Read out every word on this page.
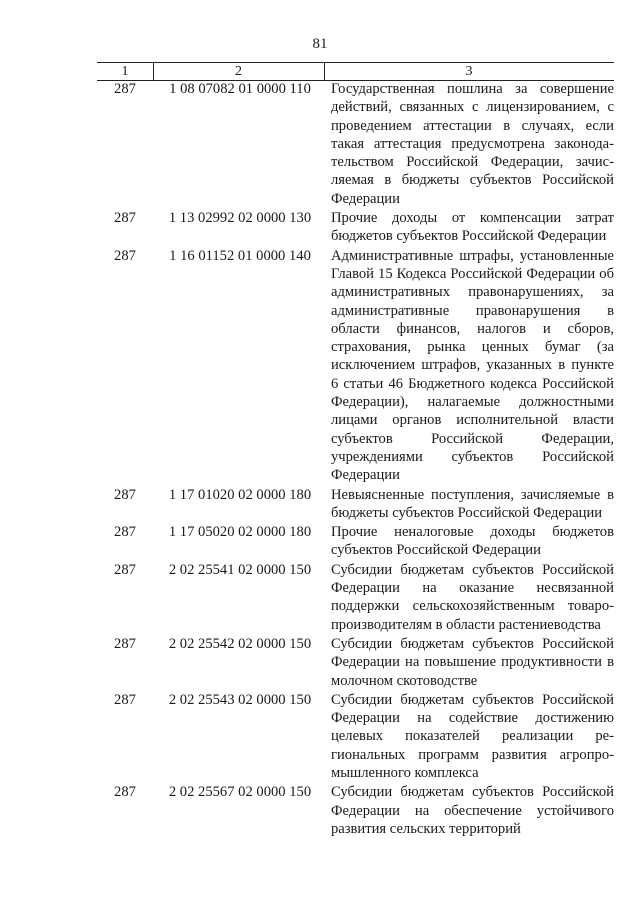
81
1	2	3
287	1 08 07082 01 0000 110	Государственная пошлина за совершение действий, связанных с лицензированием, с проведением аттестации в случаях, если такая аттестация предусмотрена законодательством Российской Федерации, зачисляемая в бюджеты субъектов Российской Федерации
287	1 13 02992 02 0000 130	Прочие доходы от компенсации затрат бюджетов субъектов Российской Федерации
287	1 16 01152 01 0000 140	Административные штрафы, установленные Главой 15 Кодекса Российской Федерации об административных правонарушениях, за административные правонарушения в области финансов, налогов и сборов, страхования, рынка ценных бумаг (за исключением штрафов, указанных в пункте 6 статьи 46 Бюджетного кодекса Российской Федерации), налагаемые должностными лицами органов исполнительной власти субъектов Российской Федерации, учреждениями субъектов Российской Федерации
287	1 17 01020 02 0000 180	Невыясненные поступления, зачисляемые в бюджеты субъектов Российской Федерации
287	1 17 05020 02 0000 180	Прочие неналоговые доходы бюджетов субъектов Российской Федерации
287	2 02 25541 02 0000 150	Субсидии бюджетам субъектов Российской Федерации на оказание несвязанной поддержки сельскохозяйственным товаропроизводителям в области растениеводства
287	2 02 25542 02 0000 150	Субсидии бюджетам субъектов Российской Федерации на повышение продуктивности в молочном скотоводстве
287	2 02 25543 02 0000 150	Субсидии бюджетам субъектов Российской Федерации на содействие достижению целевых показателей реализации региональных программ развития агропромышленного комплекса
287	2 02 25567 02 0000 150	Субсидии бюджетам субъектов Российской Федерации на обеспечение устойчивого развития сельских территорий
